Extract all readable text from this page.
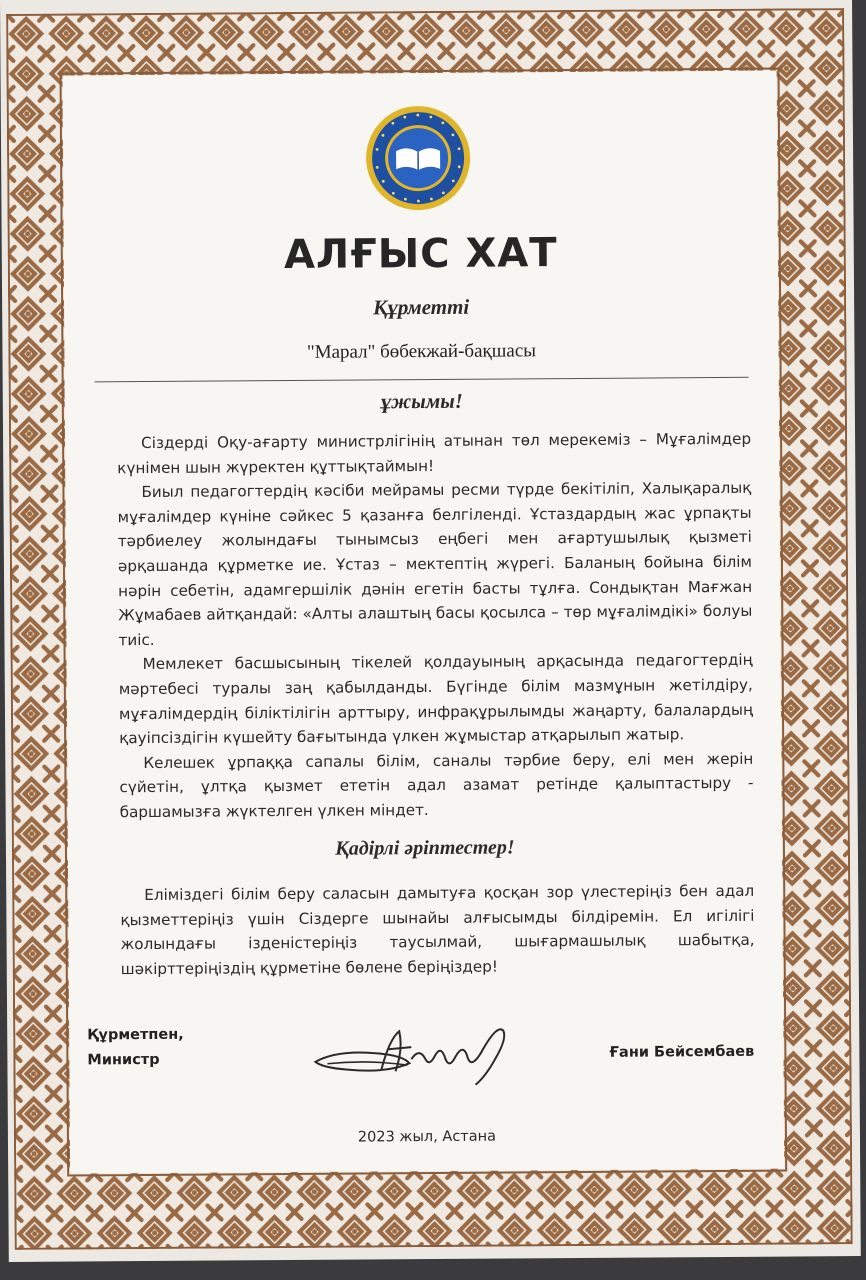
АЛҒЫС ХАТ
Құрметті
"Марал" бөбекжай-бақшасы
ұжымы!

Сіздерді Оқу-ағарту министрлігінің атынан төл мерекеміз – Мұғалімдер күнімен шын жүректен құттықтаймын!

Биыл педагогтердің кәсіби мейрамы ресми түрде бекітіліп, Халықаралық мұғалімдер күніне сәйкес 5 қазанға белгіленді. Ұстаздардың жас ұрпақты тәрбиелеу жолындағы тынымсыз еңбегі мен ағартушылық қызметі әрқашанда құрметке ие. Ұстаз – мектептің жүрегі. Баланың бойына білім нәрін себетін, адамгершілік дәнін егетін басты тұлға. Сондықтан Мағжан Жұмабаев айтқандай: «Алты алаштың басы қосылса – төр мұғалімдікі» болуы тиіс.

Мемлекет басшысының тікелей қолдауының арқасында педагогтердің мәртебесі туралы заң қабылданды. Бүгінде білім мазмұнын жетілдіру, мұғалімдердің біліктілігін арттыру, инфрақұрылымды жаңарту, балалардың қауіпсіздігін күшейту бағытында үлкен жұмыстар атқарылып жатыр.

Келешек ұрпаққа сапалы білім, саналы тәрбие беру, елі мен жерін сүйетін, ұлтқа қызмет ететін адал азамат ретінде қалыптастыру - баршамызға жүктелген үлкен міндет.

Қадірлі әріптестер!

Еліміздегі білім беру саласын дамытуға қосқан зор үлестеріңіз бен адал қызметтеріңіз үшін Сіздерге шынайы алғысымды білдіремін. Ел игілігі жолындағы ізденістеріңіз таусылмай, шығармашылық шабытқа, шәкірттеріңіздің құрметіне бөлене беріңіздер!

Құрметпен,
Министр	Ғани Бейсембаев
2023 жыл, Астана
